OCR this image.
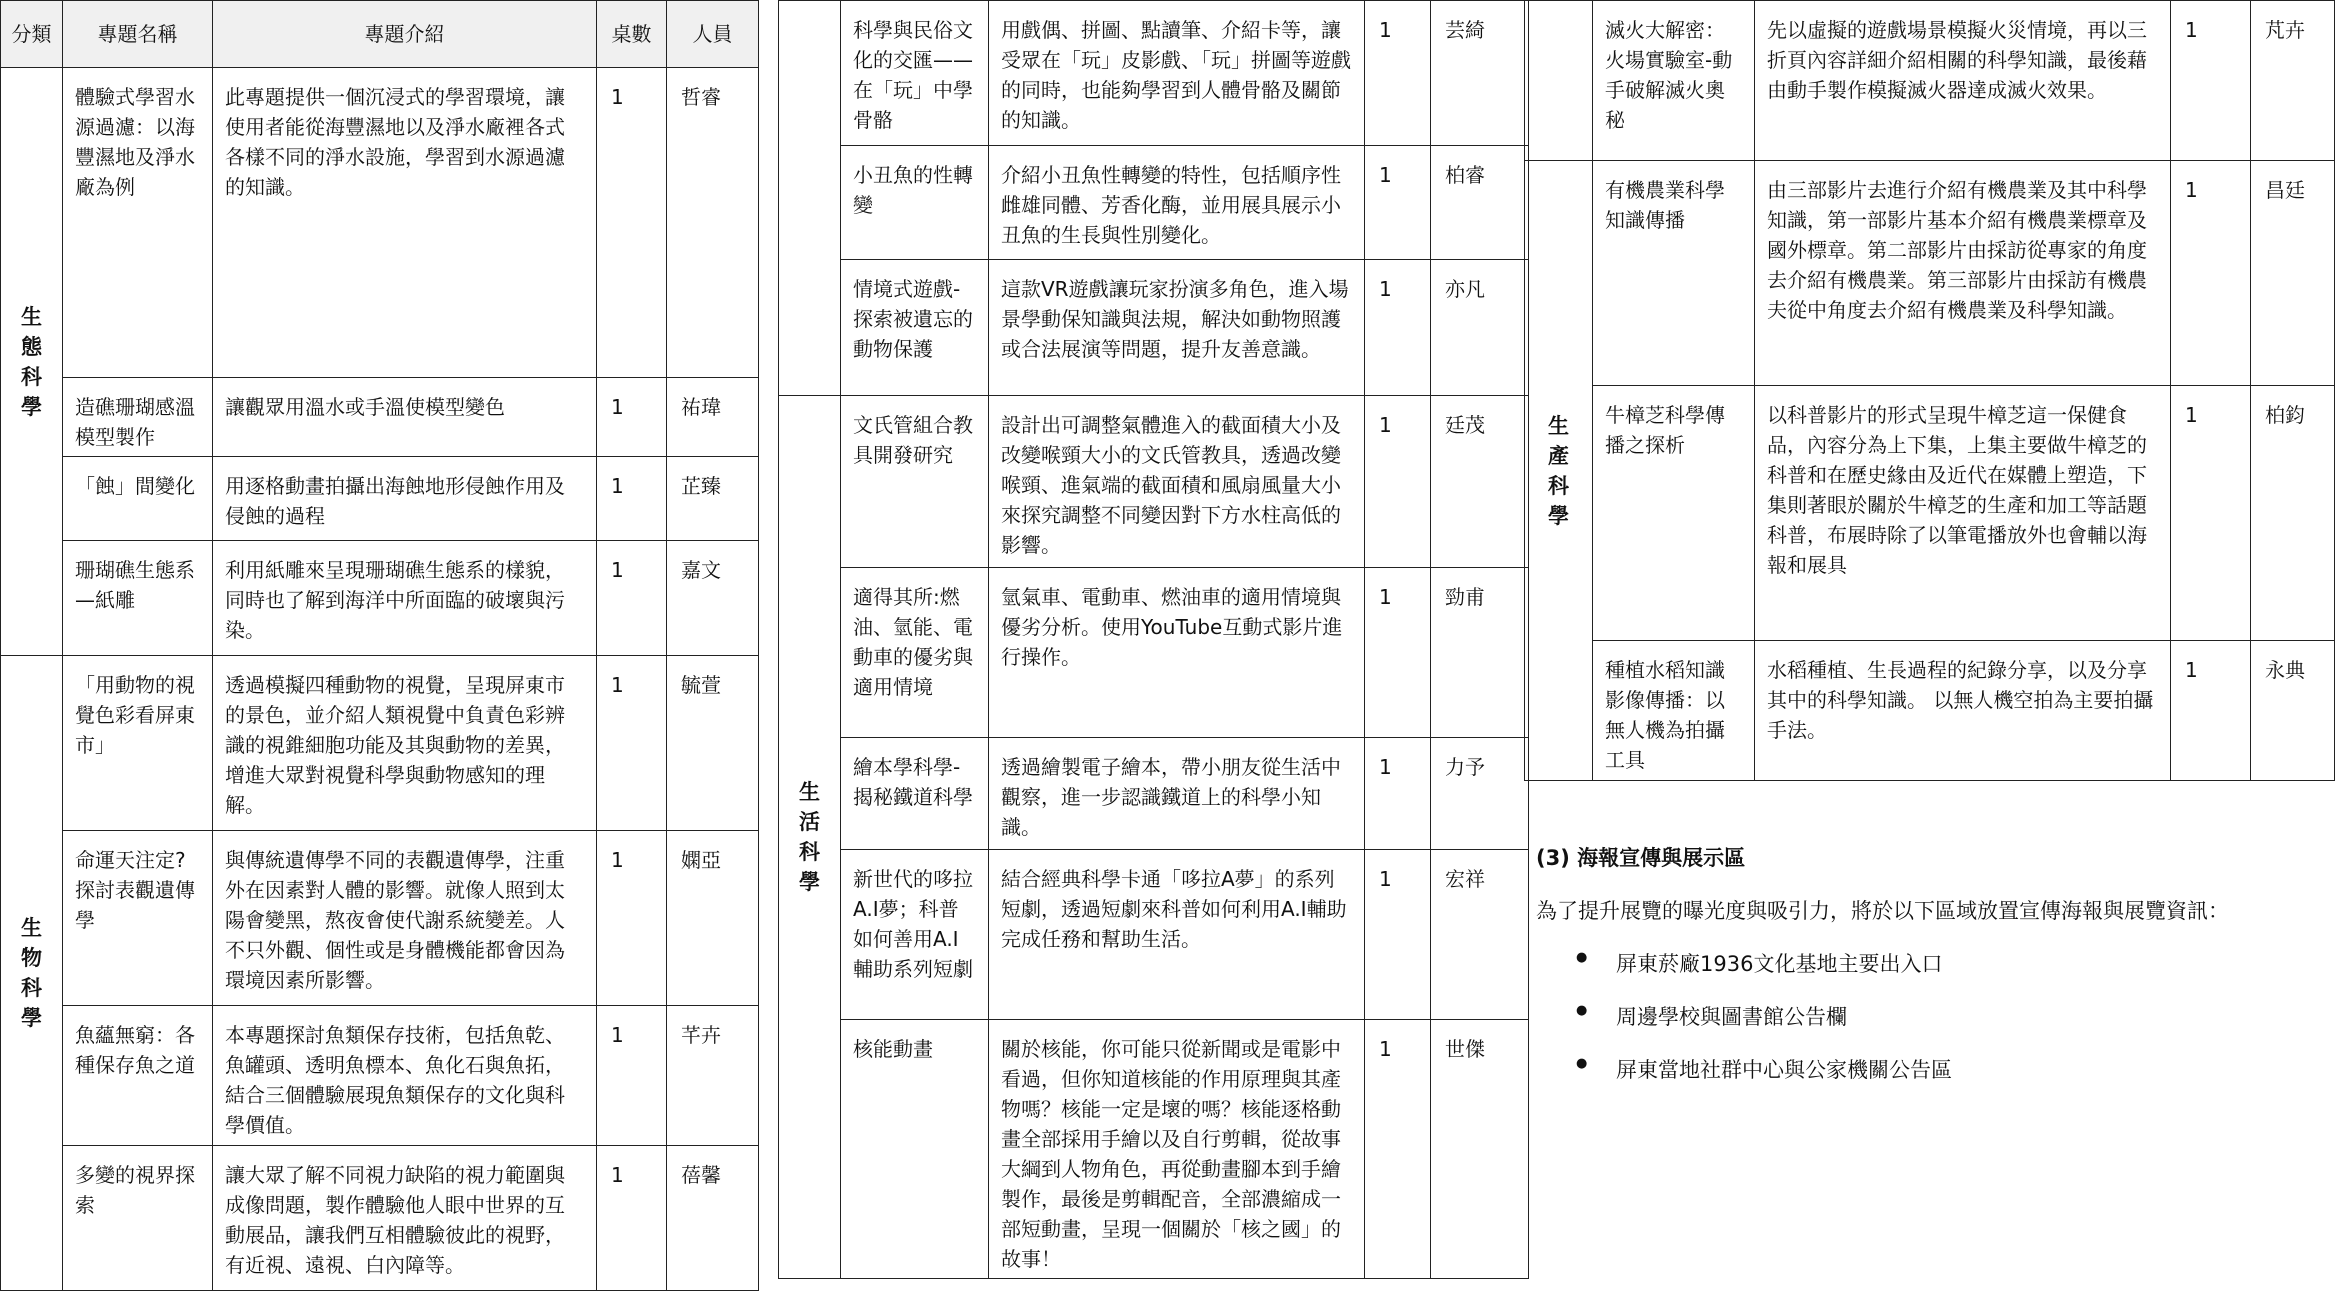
分類	專題名稱	專題介紹	桌數	人員
生態科學	體驗式學習水源過濾：以海豐濕地及淨水廠為例	此專題提供一個沉浸式的學習環境，讓使用者能從海豐濕地以及淨水廠裡各式各樣不同的淨水設施，學習到水源過濾的知識。	1	哲睿
	造礁珊瑚感溫模型製作	讓觀眾用溫水或手溫使模型變色	1	祐瑋
	「蝕」間變化	用逐格動畫拍攝出海蝕地形侵蝕作用及侵蝕的過程	1	芷臻
	珊瑚礁生態系—紙雕	利用紙雕來呈現珊瑚礁生態系的樣貌，同時也了解到海洋中所面臨的破壞與污染。	1	嘉文
生物科學	「用動物的視覺色彩看屏東市」	透過模擬四種動物的視覺，呈現屏東市的景色，並介紹人類視覺中負責色彩辨識的視錐細胞功能及其與動物的差異，增進大眾對視覺科學與動物感知的理解。	1	毓萱
	命運天注定?探討表觀遺傳學	與傳統遺傳學不同的表觀遺傳學，注重外在因素對人體的影響。就像人照到太陽會變黑，熬夜會使代謝系統變差。人不只外觀、個性或是身體機能都會因為環境因素所影響。	1	嫻亞
	魚蘊無窮：各種保存魚之道	本專題探討魚類保存技術，包括魚乾、魚罐頭、透明魚標本、魚化石與魚拓，結合三個體驗展現魚類保存的文化與科學價值。	1	芊卉
	多變的視界探索	讓大眾了解不同視力缺陷的視力範圍與成像問題，製作體驗他人眼中世界的互動展品，讓我們互相體驗彼此的視野，有近視、遠視、白內障等。	1	蓓馨
	科學與民俗文化的交匯——在「玩」中學骨骼	用戲偶、拼圖、點讀筆、介紹卡等，讓受眾在「玩」皮影戲、「玩」拼圖等遊戲的同時，也能夠學習到人體骨骼及關節的知識。	1	芸綺
	小丑魚的性轉變	介紹小丑魚性轉變的特性，包括順序性雌雄同體、芳香化酶，並用展具展示小丑魚的生長與性別變化。	1	柏睿
	情境式遊戲-探索被遺忘的動物保護	這款VR遊戲讓玩家扮演多角色，進入場景學動保知識與法規，解決如動物照護或合法展演等問題，提升友善意識。	1	亦凡
生活科學	文氏管組合教具開發研究	設計出可調整氣體進入的截面積大小及改變喉頸大小的文氏管教具，透過改變喉頸、進氣端的截面積和風扇風量大小來探究調整不同變因對下方水柱高低的影響。	1	廷茂
	適得其所:燃油、氫能、電動車的優劣與適用情境	氫氣車、電動車、燃油車的適用情境與優劣分析。使用YouTube互動式影片進行操作。	1	勁甫
	繪本學科學-揭秘鐵道科學	透過繪製電子繪本，帶小朋友從生活中觀察，進一步認識鐵道上的科學小知識。	1	力予
	新世代的哆拉A.I夢；科普如何善用A.I輔助系列短劇	結合經典科學卡通「哆拉A夢」的系列短劇，透過短劇來科普如何利用A.I輔助完成任務和幫助生活。	1	宏祥
	核能動畫	關於核能，你可能只從新聞或是電影中看過，但你知道核能的作用原理與其產物嗎？核能一定是壞的嗎？核能逐格動畫全部採用手繪以及自行剪輯，從故事大綱到人物角色，再從動畫腳本到手繪製作，最後是剪輯配音，全部濃縮成一部短動畫，呈現一個關於「核之國」的故事！	1	世傑
	滅火大解密：火場實驗室-動手破解滅火奧秘	先以虛擬的遊戲場景模擬火災情境，再以三折頁內容詳細介紹相關的科學知識，最後藉由動手製作模擬滅火器達成滅火效果。	1	芃卉
生產科學	有機農業科學知識傳播	由三部影片去進行介紹有機農業及其中科學知識，第一部影片基本介紹有機農業標章及國外標章。第二部影片由採訪從專家的角度去介紹有機農業。第三部影片由採訪有機農夫從中角度去介紹有機農業及科學知識。	1	昌廷
	牛樟芝科學傳播之探析	以科普影片的形式呈現牛樟芝這一保健食品，內容分為上下集，上集主要做牛樟芝的科普和在歷史緣由及近代在媒體上塑造，下集則著眼於關於牛樟芝的生產和加工等話題科普，布展時除了以筆電播放外也會輔以海報和展具	1	柏鈞
	種植水稻知識影像傳播：以無人機為拍攝工具	水稻種植、生長過程的紀錄分享，以及分享其中的科學知識。 以無人機空拍為主要拍攝手法。	1	永典
(3) 海報宣傳與展示區
為了提升展覽的曝光度與吸引力，將於以下區域放置宣傳海報與展覽資訊：
● 屏東菸廠1936文化基地主要出入口
● 周邊學校與圖書館公告欄
● 屏東當地社群中心與公家機關公告區
